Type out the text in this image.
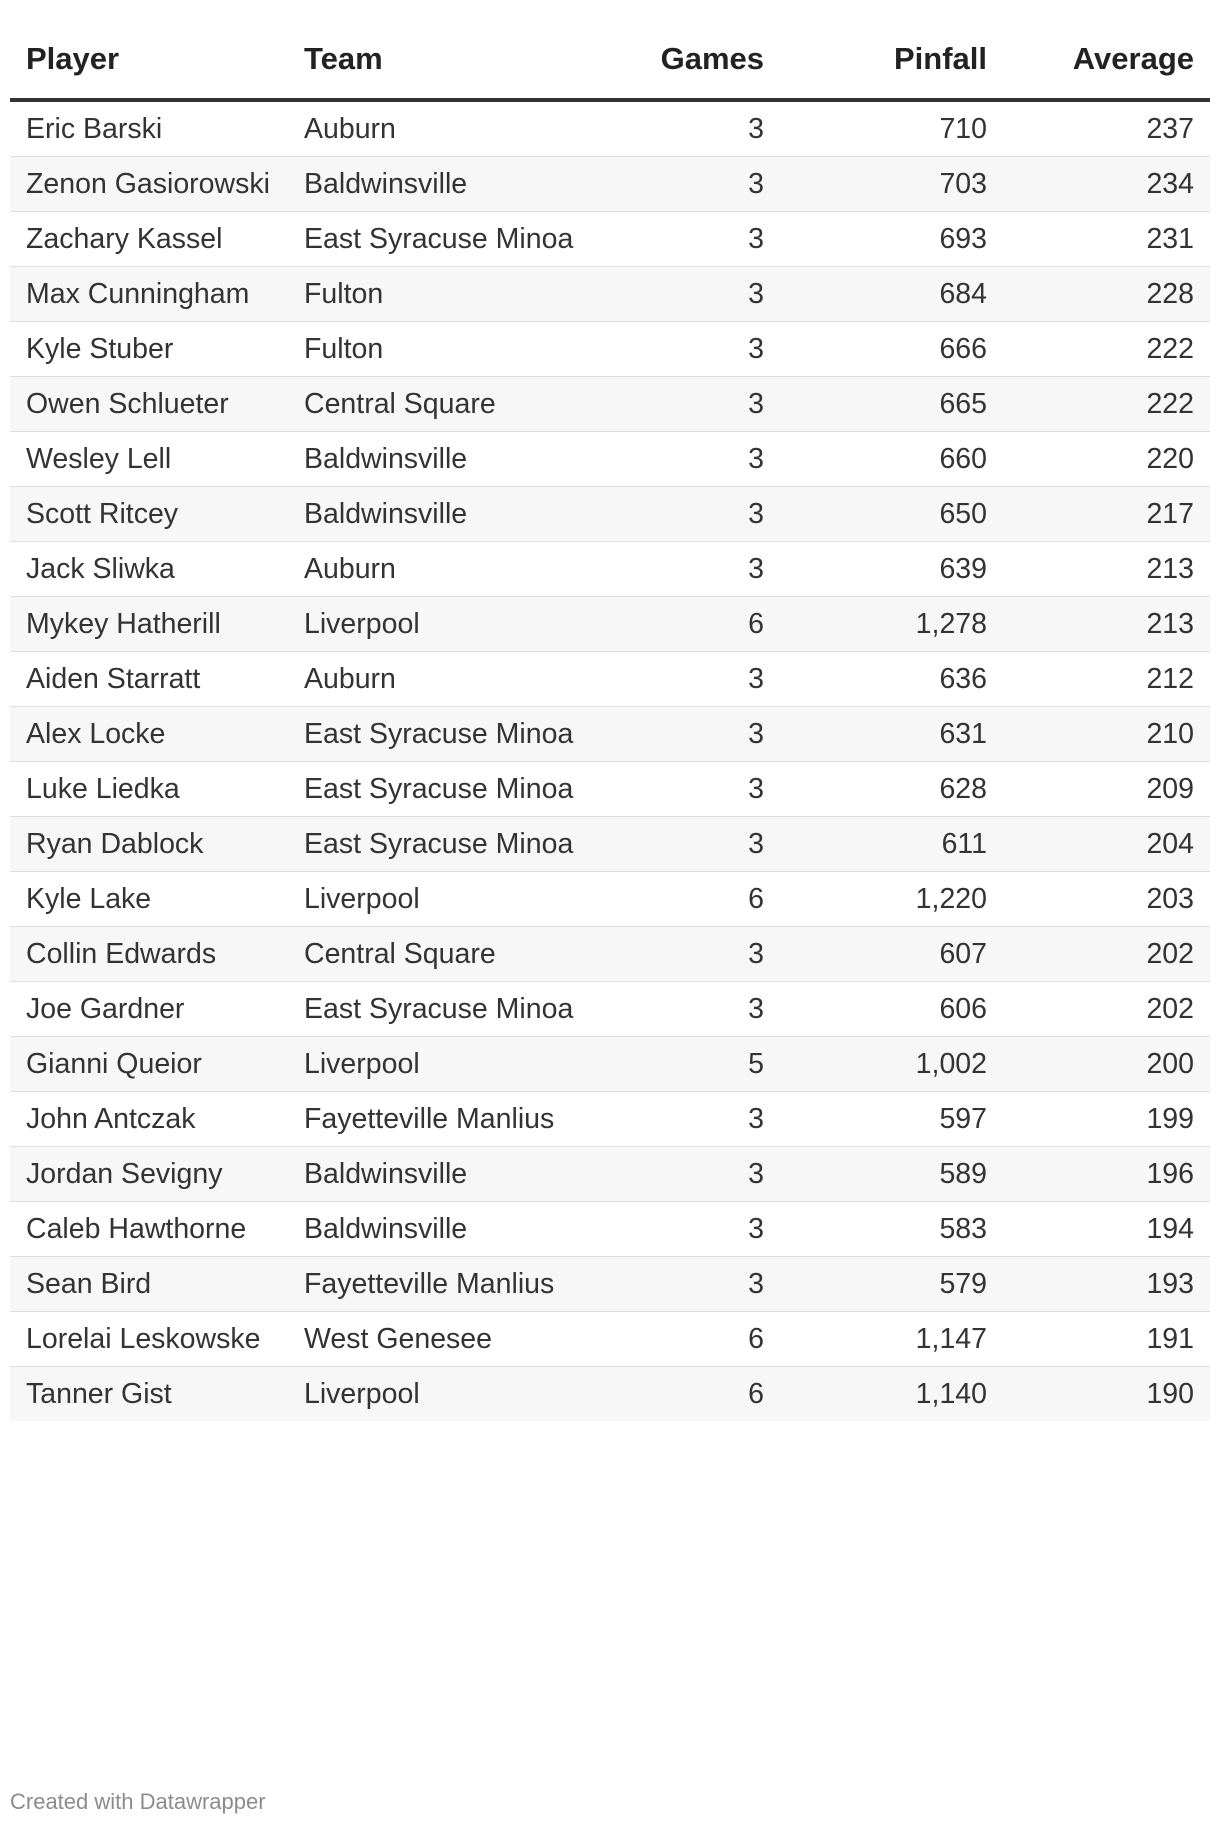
Player	Team	Games	Pinfall	Average
Eric Barski	Auburn	3	710	237
Zenon Gasiorowski	Baldwinsville	3	703	234
Zachary Kassel	East Syracuse Minoa	3	693	231
Max Cunningham	Fulton	3	684	228
Kyle Stuber	Fulton	3	666	222
Owen Schlueter	Central Square	3	665	222
Wesley Lell	Baldwinsville	3	660	220
Scott Ritcey	Baldwinsville	3	650	217
Jack Sliwka	Auburn	3	639	213
Mykey Hatherill	Liverpool	6	1,278	213
Aiden Starratt	Auburn	3	636	212
Alex Locke	East Syracuse Minoa	3	631	210
Luke Liedka	East Syracuse Minoa	3	628	209
Ryan Dablock	East Syracuse Minoa	3	611	204
Kyle Lake	Liverpool	6	1,220	203
Collin Edwards	Central Square	3	607	202
Joe Gardner	East Syracuse Minoa	3	606	202
Gianni Queior	Liverpool	5	1,002	200
John Antczak	Fayetteville Manlius	3	597	199
Jordan Sevigny	Baldwinsville	3	589	196
Caleb Hawthorne	Baldwinsville	3	583	194
Sean Bird	Fayetteville Manlius	3	579	193
Lorelai Leskowske	West Genesee	6	1,147	191
Tanner Gist	Liverpool	6	1,140	190
Created with Datawrapper
